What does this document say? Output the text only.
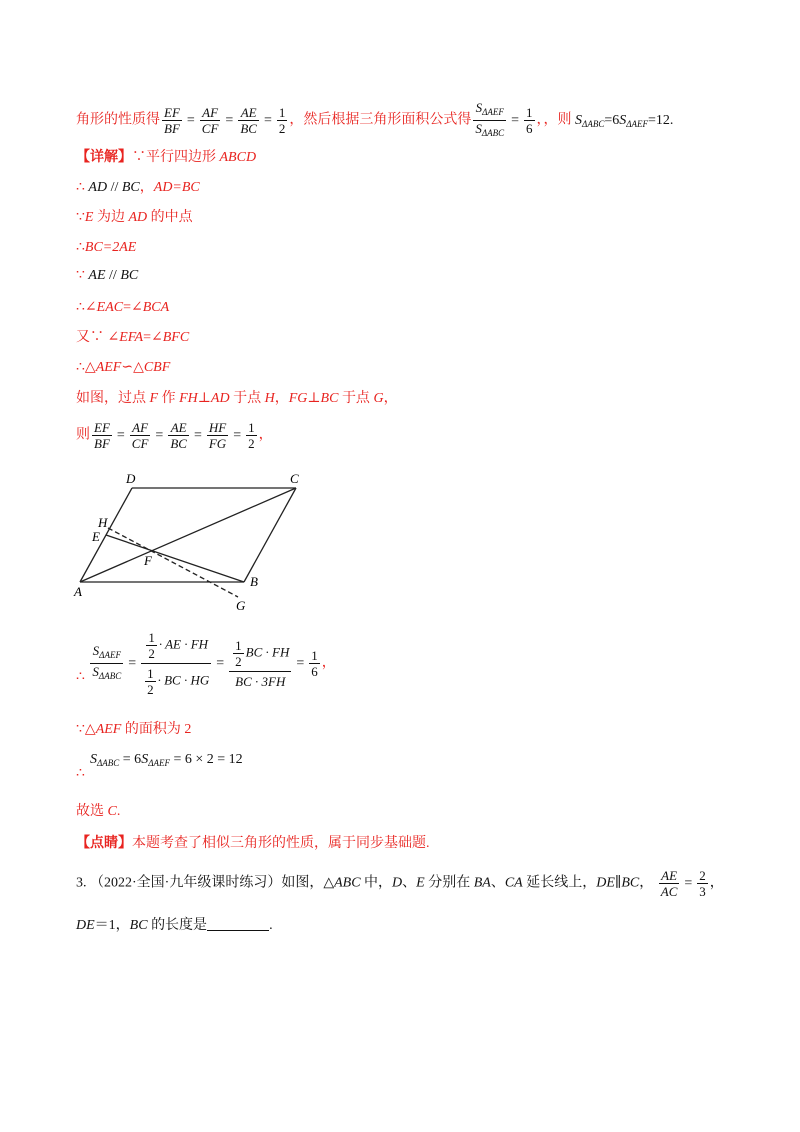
角形的性质得 $\frac{EF}{BF} = \frac{AF}{CF} = \frac{AE}{BC} = \frac{1}{2}$ ，然后根据三角形面积公式得 $\frac{S_{\Delta AEF}}{S_{\Delta ABC}} = \frac{1}{6}$ ，，则 $S_{\Delta ABC}=6S_{\Delta AEF}=12$.
【详解】∵平行四边形 ABCD
∴ AD // BC，AD=BC
∵E 为边 AD 的中点
∴BC=2AE
∵ AE // BC
∴∠EAC=∠BCA
又∵ ∠EFA=∠BFC
∴△AEF∽△CBF
如图，过点 F 作 FH⊥AD 于点 H，FG⊥BC 于点 G，
则 $\frac{EF}{BF} = \frac{AF}{CF} = \frac{AE}{BC} = \frac{HF}{FG} = \frac{1}{2}$ ，
D	C
H
E
F
A
B
G
∴ $\frac{S_{\Delta AEF}}{S_{\Delta ABC}} = \frac{\frac{1}{2} \cdot AE \cdot FH}{\frac{1}{2} \cdot BC \cdot HG} = \frac{\frac{1}{2} BC \cdot FH}{BC \cdot 3FH} = \frac{1}{6}$ ，
∵△AEF 的面积为 2
∴
$S_{\Delta ABC} = 6S_{\Delta AEF} = 6 \times 2 = 12$
故选 C.
【点睛】本题考查了相似三角形的性质，属于同步基础题.
3. （2022·全国·九年级课时练习）如图，△ABC 中，D、E 分别在 BA、CA 延长线上，DE∥BC， $\frac{AE}{AC} = \frac{2}{3}$ ，
DE＝1，BC 的长度是	.
